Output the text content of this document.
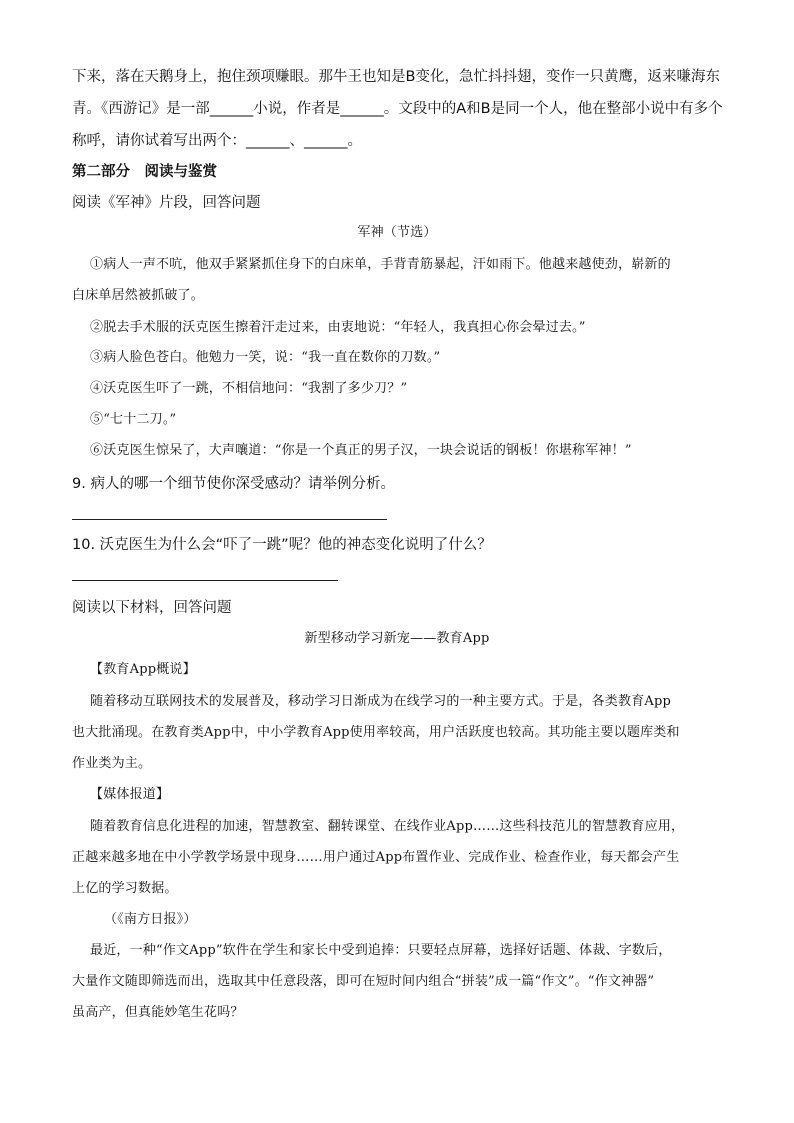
下来，落在天鹅身上，抱住颈项赚眼。那牛王也知是B变化，急忙抖抖翅，变作一只黄鹰，返来嗛海东
青。《西游记》是一部______小说，作者是______。文段中的A和B是同一个人，他在整部小说中有多个
称呼，请你试着写出两个：______、______。
第二部分　阅读与鉴赏
阅读《军神》片段，回答问题
军神（节选）
①病人一声不吭，他双手紧紧抓住身下的白床单，手背青筋暴起，汗如雨下。他越来越使劲，崭新的
白床单居然被抓破了。
②脱去手术服的沃克医生擦着汗走过来，由衷地说：“年轻人，我真担心你会晕过去。”
③病人脸色苍白。他勉力一笑，说：“我一直在数你的刀数。”
④沃克医生吓了一跳，不相信地问：“我割了多少刀？”
⑤“七十二刀。”
⑥沃克医生惊呆了，大声嚷道：“你是一个真正的男子汉，一块会说话的钢板！你堪称军神！”
9. 病人的哪一个细节使你深受感动？请举例分析。
10. 沃克医生为什么会“吓了一跳”呢？他的神态变化说明了什么？
阅读以下材料，回答问题
新型移动学习新宠——教育App
【教育App概说】
随着移动互联网技术的发展普及，移动学习日渐成为在线学习的一种主要方式。于是，各类教育App
也大批涌现。在教育类App中，中小学教育App使用率较高，用户活跃度也较高。其功能主要以题库类和
作业类为主。
【媒体报道】
随着教育信息化进程的加速，智慧教室、翻转课堂、在线作业App……这些科技范儿的智慧教育应用，
正越来越多地在中小学教学场景中现身……用户通过App布置作业、完成作业、检查作业，每天都会产生
上亿的学习数据。
（《南方日报》）
最近，一种“作文App”软件在学生和家长中受到追捧：只要轻点屏幕，选择好话题、体裁、字数后，
大量作文随即筛选而出，选取其中任意段落，即可在短时间内组合“拼装”成一篇“作文”。“作文神器”
虽高产，但真能妙笔生花吗？
